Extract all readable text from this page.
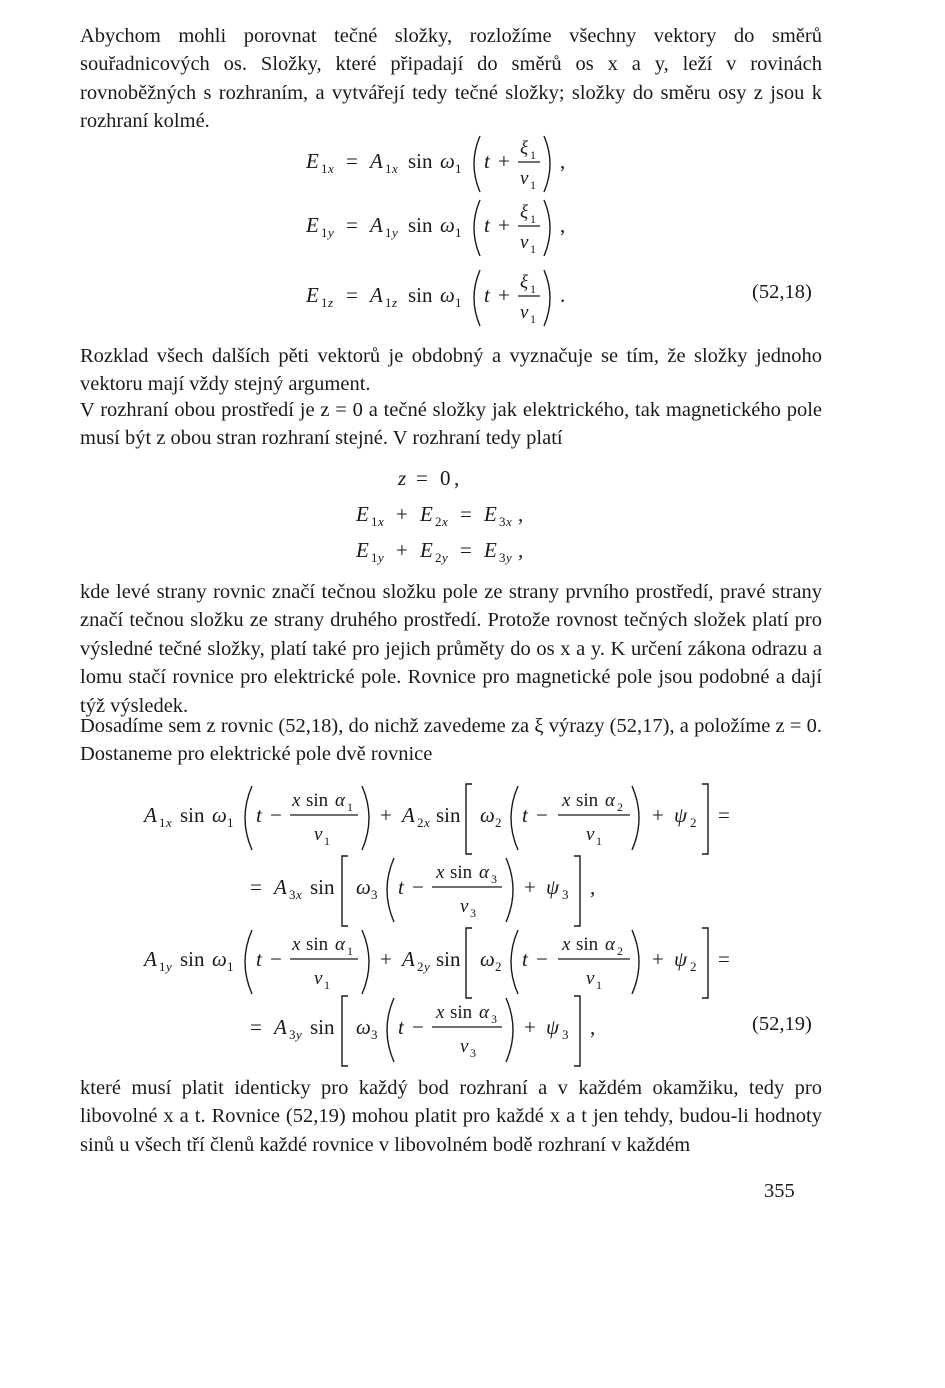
Abychom mohli porovnat tečné složky, rozložíme všechny vektory do směrů souřadnicových os. Složky, které připadají do směrů os x a y, leží v rovinách rovnoběžných s rozhraním, a vytvářejí tedy tečné složky; složky do směru osy z jsou k rozhraní kolmé.

E 1 x = A 1 x sin ω 1 t +
ξ 1
v 1
,
E 1 y = A 1 y sin ω 1 t +
ξ 1
v 1
,
E 1 z = A 1 z sin ω 1 t +
ξ 1
v 1
.	(52,18)

Rozklad všech dalších pěti vektorů je obdobný a vyznačuje se tím, že složky jednoho vektoru mají vždy stejný argument.

V rozhraní obou prostředí je z = 0 a tečné složky jak elektrického, tak magnetického pole musí být z obou stran rozhraní stejné. V rozhraní tedy platí

z = 0 ,
E 1 x + E 2 x = E 3 x ,
E 1 y + E 2 y = E 3 y ,

kde levé strany rovnic značí tečnou složku pole ze strany prvního prostředí, pravé strany značí tečnou složku ze strany druhého prostředí. Protože rovnost tečných složek platí pro výsledné tečné složky, platí také pro jejich průměty do os x a y. K určení zákona odrazu a lomu stačí rovnice pro elektrické pole. Rovnice pro magnetické pole jsou podobné a dají týž výsledek.

Dosadíme sem z rovnic (52,18), do nichž zavedeme za ξ výrazy (52,17), a položíme z = 0. Dostaneme pro elektrické pole dvě rovnice

A 1 x sin ω 1 t −
x sin α 1
v 1
+ A 2 x sin ω 2 t −
x sin α 2
v 1
+ ψ 2 =
= A 3 x sin ω 3 t −
x sin α 3
v 3
+ ψ 3 ,
A 1 y sin ω 1 t −
x sin α 1
v 1
+ A 2 y sin ω 2 t −
x sin α 2
v 1
+ ψ 2 =
= A 3 y sin ω 3 t −
x sin α 3
v 3
+ ψ 3 ,	(52,19)

které musí platit identicky pro každý bod rozhraní a v každém okamžiku, tedy pro libovolné x a t. Rovnice (52,19) mohou platit pro každé x a t jen tehdy, budou-li hodnoty sinů u všech tří členů každé rovnice v libovolném bodě rozhraní v každém

355
